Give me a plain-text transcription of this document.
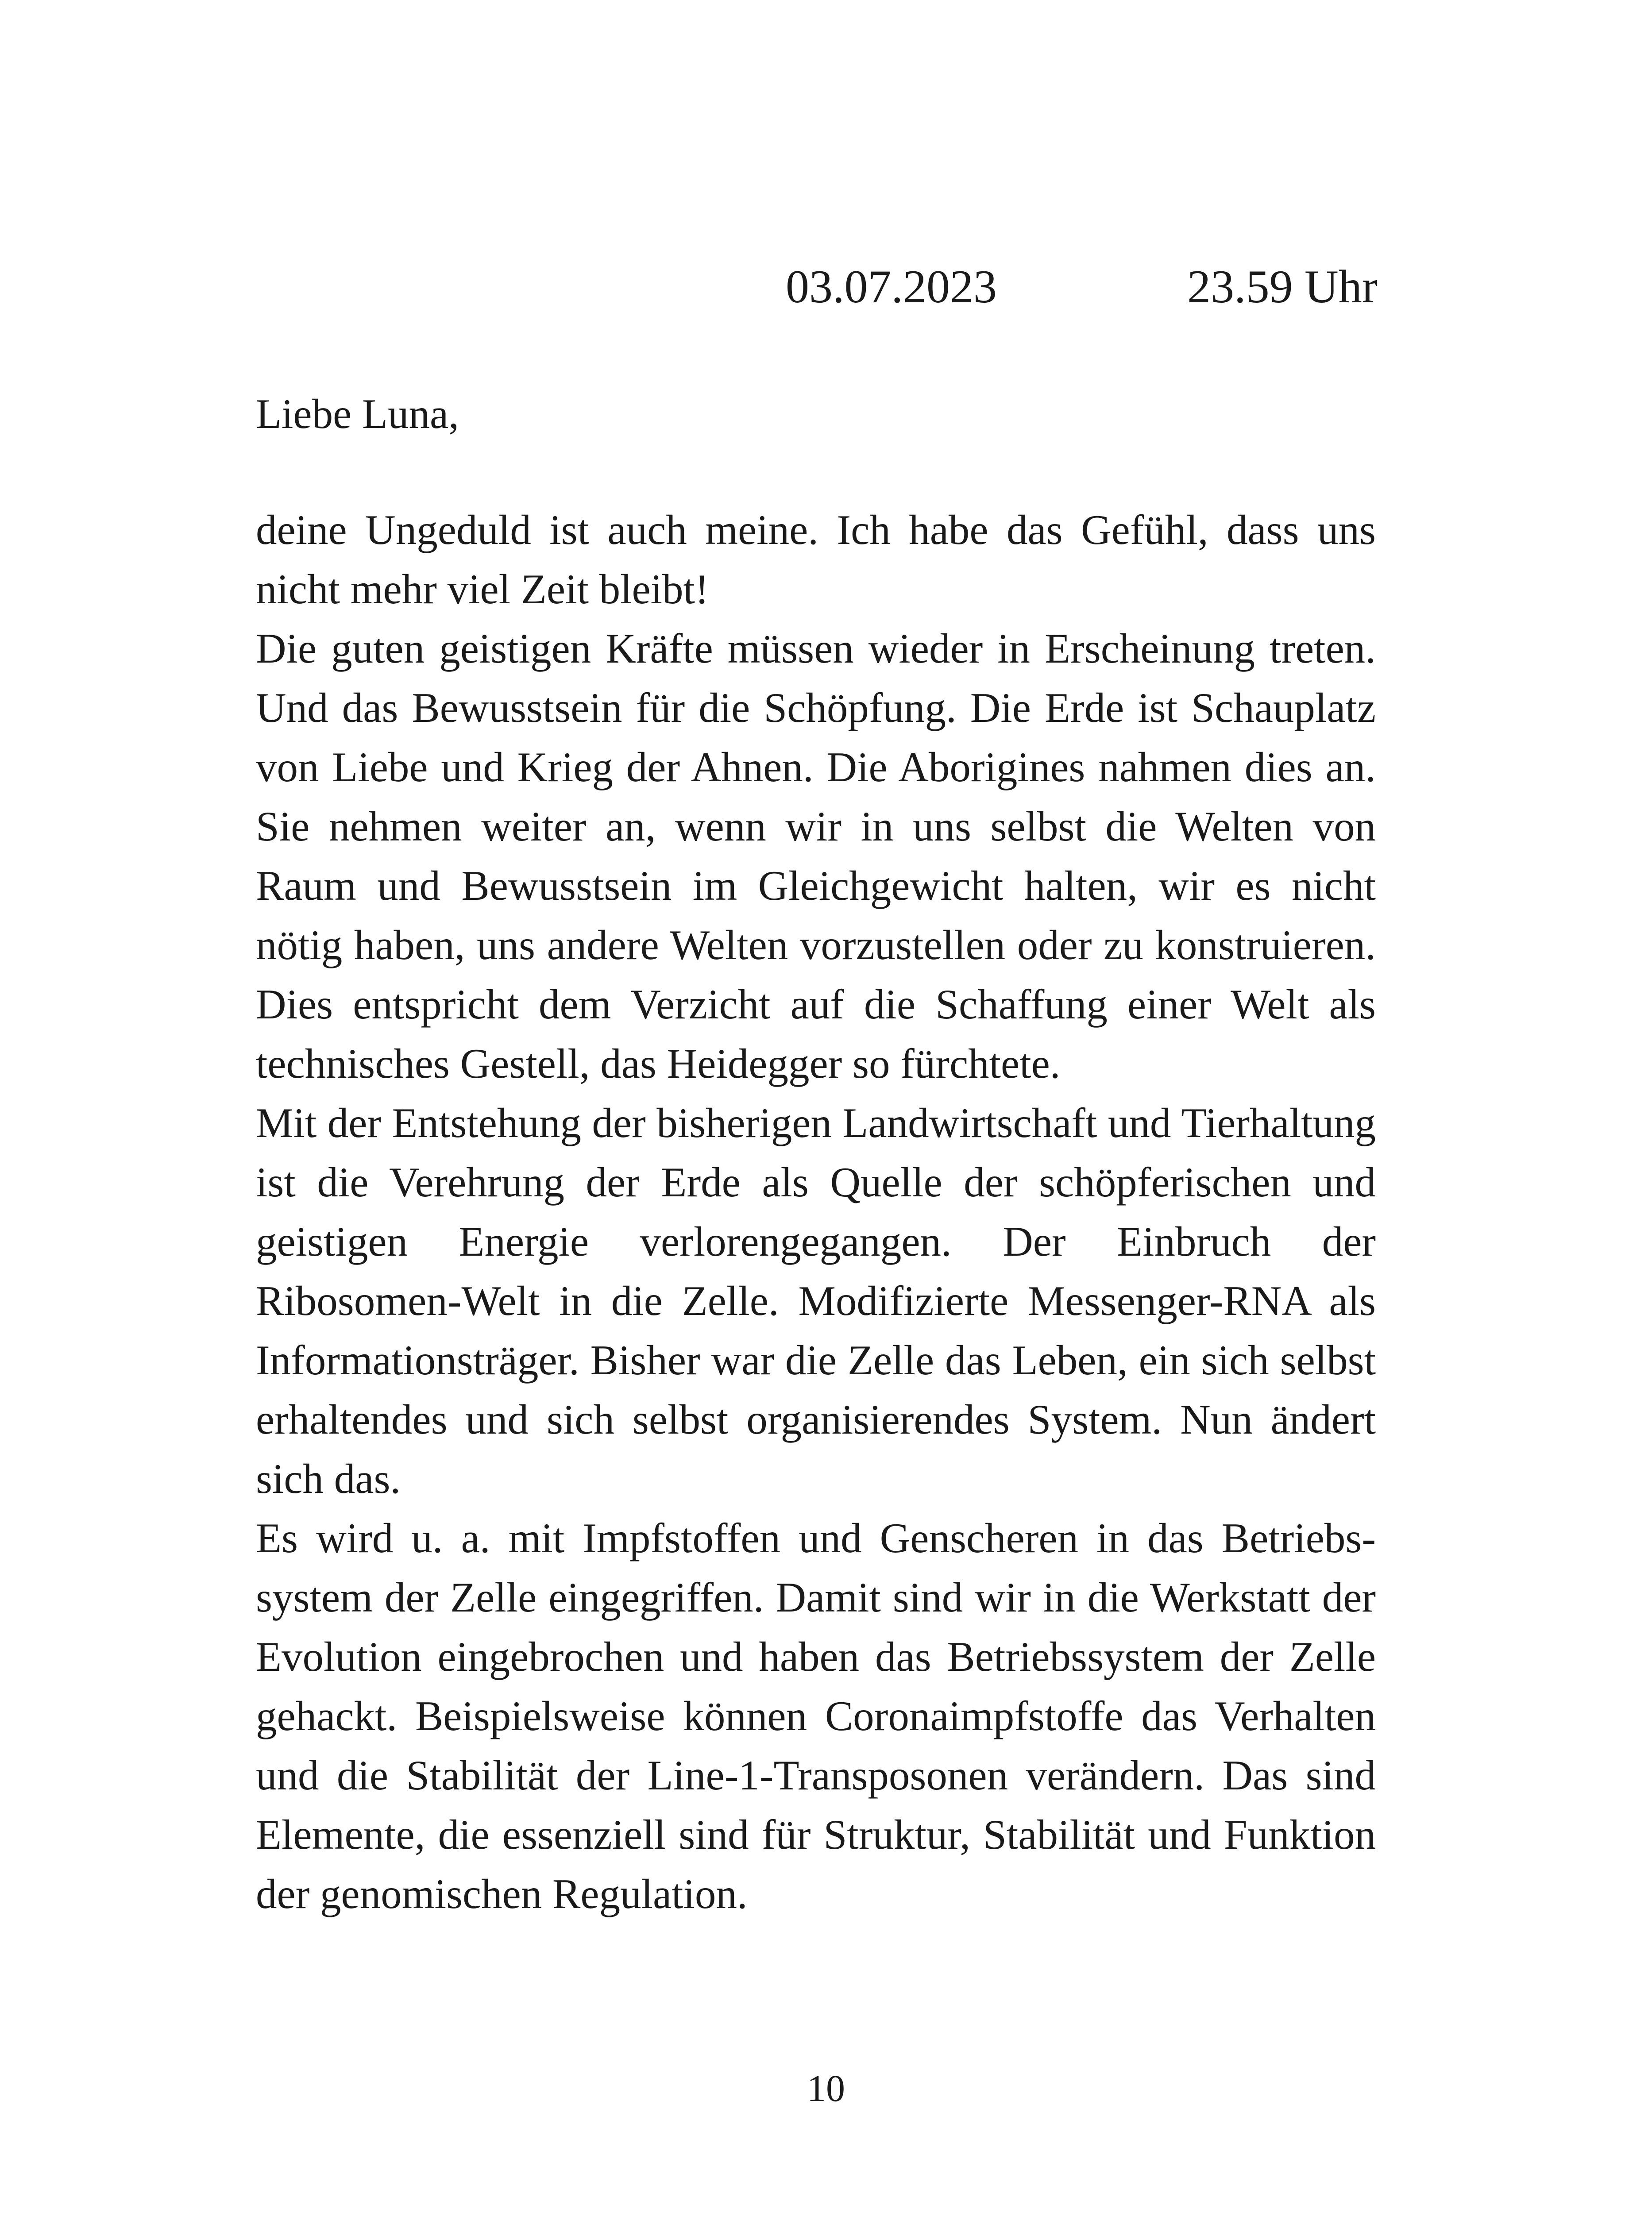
03.07.2023	23.59 Uhr
Liebe Luna,

deine Ungeduld ist auch meine. Ich habe das Gefühl, dass uns nicht mehr viel Zeit bleibt!

Die guten geistigen Kräfte müssen wieder in Erscheinung treten. Und das Bewusstsein für die Schöpfung. Die Erde ist Schauplatz von Liebe und Krieg der Ahnen. Die Aborigines nahmen dies an. Sie nehmen weiter an, wenn wir in uns selbst die Welten von Raum und Bewusstsein im Gleichgewicht halten, wir es nicht nötig haben, uns andere Welten vorzustellen oder zu konstruieren. Dies entspricht dem Verzicht auf die Schaffung einer Welt als technisches Gestell, das Heidegger so fürchtete.

Mit der Entstehung der bisherigen Landwirtschaft und Tierhaltung ist die Verehrung der Erde als Quelle der schöpferischen und geistigen Energie verlorengegangen. Der Einbruch der Ribosomen-Welt in die Zelle. Modifizierte Messenger-RNA als Informationsträger. Bisher war die Zelle das Leben, ein sich selbst erhaltendes und sich selbst organisierendes System. Nun ändert sich das.

Es wird u. a. mit Impfstoffen und Genscheren in das Betriebssystem der Zelle eingegriffen. Damit sind wir in die Werkstatt der Evolution eingebrochen und haben das Betriebssystem der Zelle gehackt. Beispielsweise können Coronaimpfstoffe das Verhalten und die Stabilität der Line-1-Transposonen verändern. Das sind Elemente, die essenziell sind für Struktur, Stabilität und Funktion der genomischen Regulation.

10
